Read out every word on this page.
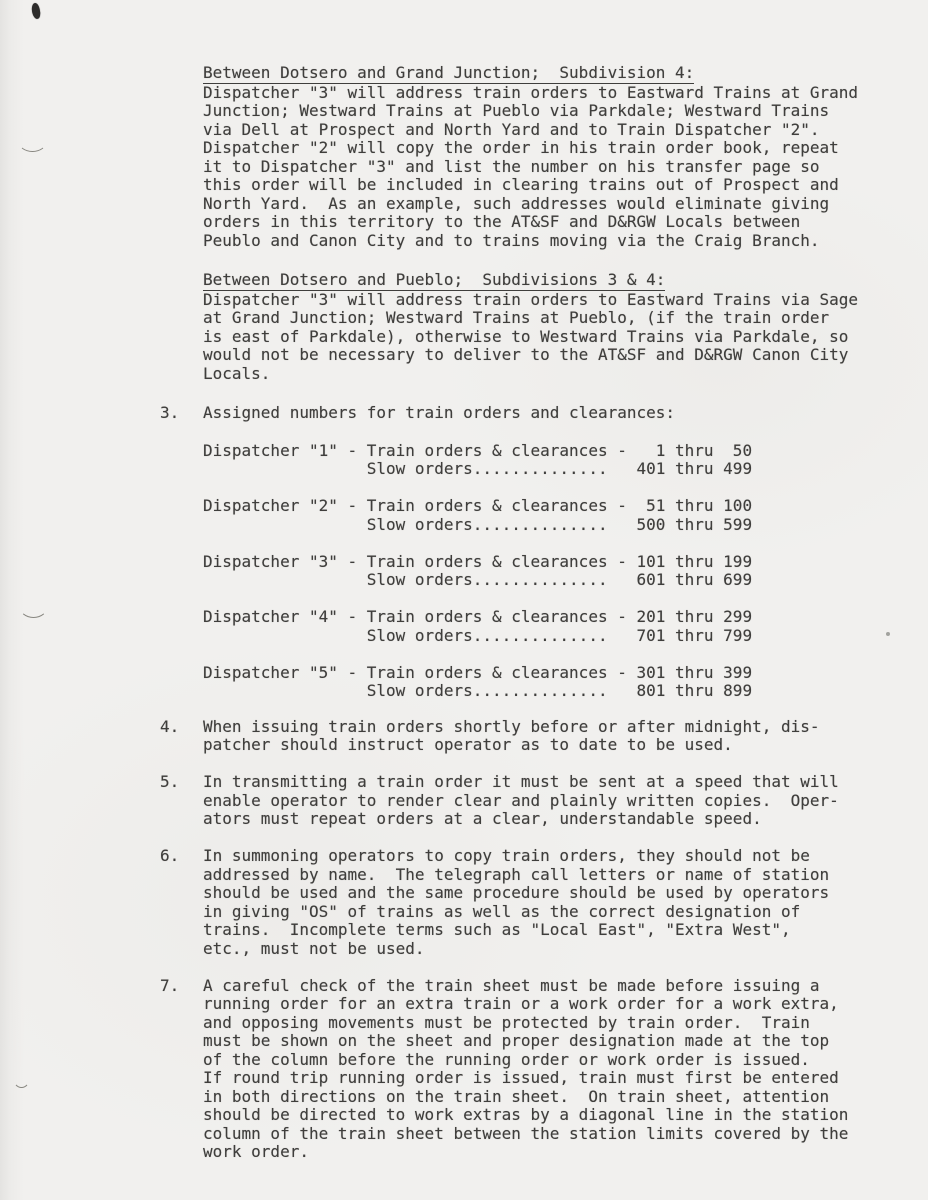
Between Dotsero and Grand Junction;  Subdivision 4:
Dispatcher "3" will address train orders to Eastward Trains at Grand
Junction; Westward Trains at Pueblo via Parkdale; Westward Trains
via Dell at Prospect and North Yard and to Train Dispatcher "2".
Dispatcher "2" will copy the order in his train order book, repeat
it to Dispatcher "3" and list the number on his transfer page so
this order will be included in clearing trains out of Prospect and
North Yard.  As an example, such addresses would eliminate giving
orders in this territory to the AT&SF and D&RGW Locals between
Peublo and Canon City and to trains moving via the Craig Branch.
Between Dotsero and Pueblo;  Subdivisions 3 & 4:
Dispatcher "3" will address train orders to Eastward Trains via Sage
at Grand Junction; Westward Trains at Pueblo, (if the train order
is east of Parkdale), otherwise to Westward Trains via Parkdale, so
would not be necessary to deliver to the AT&SF and D&RGW Canon City
Locals.
3. Assigned numbers for train orders and clearances:
Dispatcher "1" - Train orders & clearances -   1 thru  50
Slow orders..............   401 thru 499
Dispatcher "2" - Train orders & clearances -  51 thru 100
Slow orders..............   500 thru 599
Dispatcher "3" - Train orders & clearances - 101 thru 199
Slow orders..............   601 thru 699
Dispatcher "4" - Train orders & clearances - 201 thru 299
Slow orders..............   701 thru 799
Dispatcher "5" - Train orders & clearances - 301 thru 399
Slow orders..............   801 thru 899
4. When issuing train orders shortly before or after midnight, dis-
patcher should instruct operator as to date to be used.
5. In transmitting a train order it must be sent at a speed that will
enable operator to render clear and plainly written copies.  Oper-
ators must repeat orders at a clear, understandable speed.
6. In summoning operators to copy train orders, they should not be
addressed by name.  The telegraph call letters or name of station
should be used and the same procedure should be used by operators
in giving "OS" of trains as well as the correct designation of
trains.  Incomplete terms such as "Local East", "Extra West",
etc., must not be used.
7. A careful check of the train sheet must be made before issuing a
running order for an extra train or a work order for a work extra,
and opposing movements must be protected by train order.  Train
must be shown on the sheet and proper designation made at the top
of the column before the running order or work order is issued.
If round trip running order is issued, train must first be entered
in both directions on the train sheet.  On train sheet, attention
should be directed to work extras by a diagonal line in the station
column of the train sheet between the station limits covered by the
work order.
